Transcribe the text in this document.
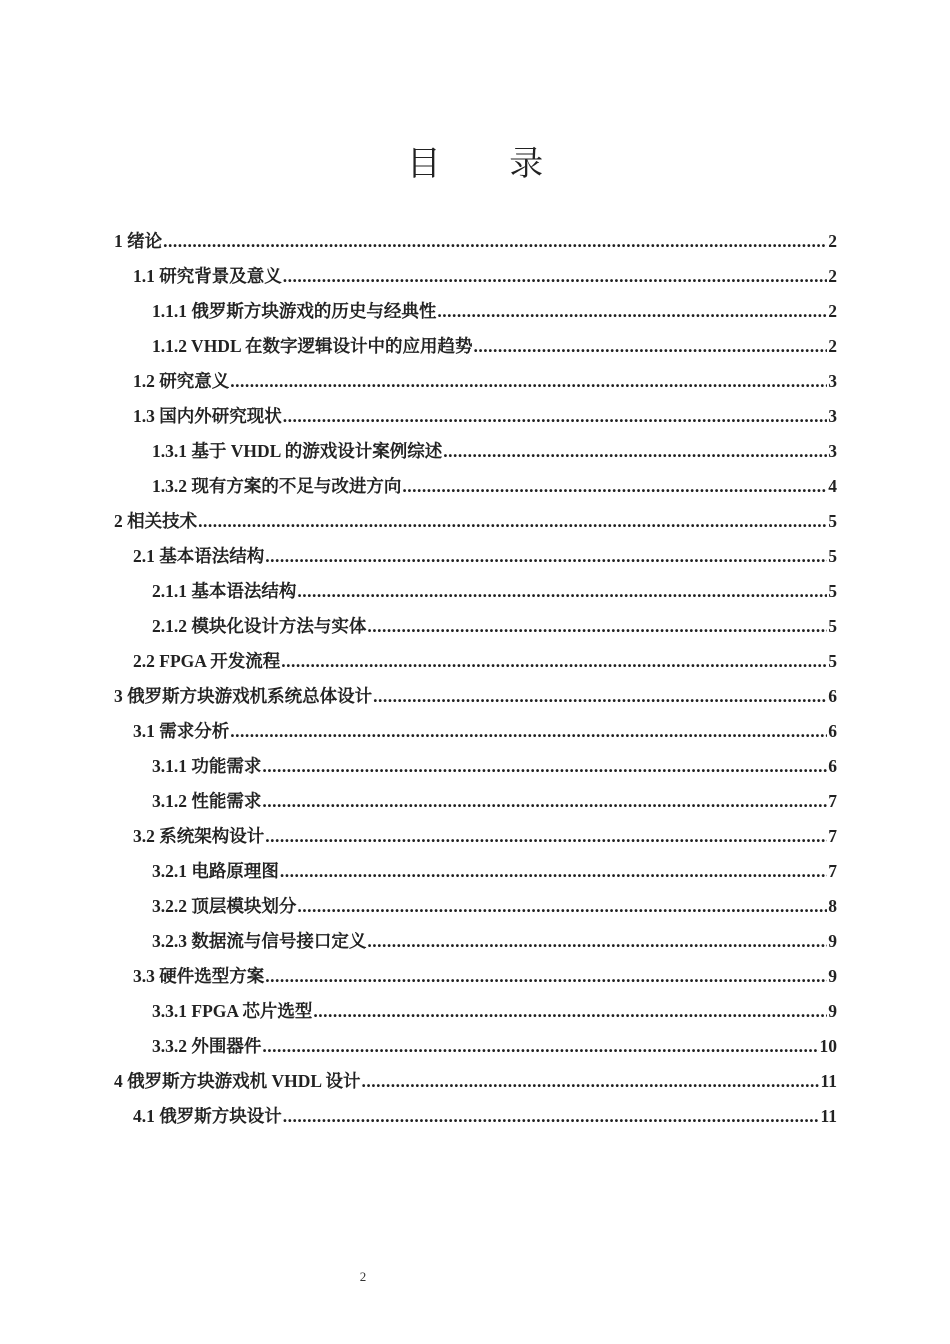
目 录
1 绪论 .....	2
1.1 研究背景及意义 .....	2
1.1.1 俄罗斯方块游戏的历史与经典性 .....	2
1.1.2 VHDL 在数字逻辑设计中的应用趋势 .....	2
1.2 研究意义 .....	3
1.3 国内外研究现状 .....	3
1.3.1 基于 VHDL 的游戏设计案例综述 .....	3
1.3.2 现有方案的不足与改进方向 .....	4
2 相关技术 .....	5
2.1 基本语法结构 .....	5
2.1.1 基本语法结构 .....	5
2.1.2 模块化设计方法与实体 .....	5
2.2 FPGA 开发流程 .....	5
3 俄罗斯方块游戏机系统总体设计 .....	6
3.1 需求分析 .....	6
3.1.1 功能需求 .....	6
3.1.2 性能需求 .....	7
3.2 系统架构设计 .....	7
3.2.1 电路原理图 .....	7
3.2.2 顶层模块划分 .....	8
3.2.3 数据流与信号接口定义 .....	9
3.3 硬件选型方案 .....	9
3.3.1 FPGA 芯片选型 .....	9
3.3.2 外围器件 .....	10
4 俄罗斯方块游戏机 VHDL 设计 .....	11
4.1 俄罗斯方块设计 .....	11
2
